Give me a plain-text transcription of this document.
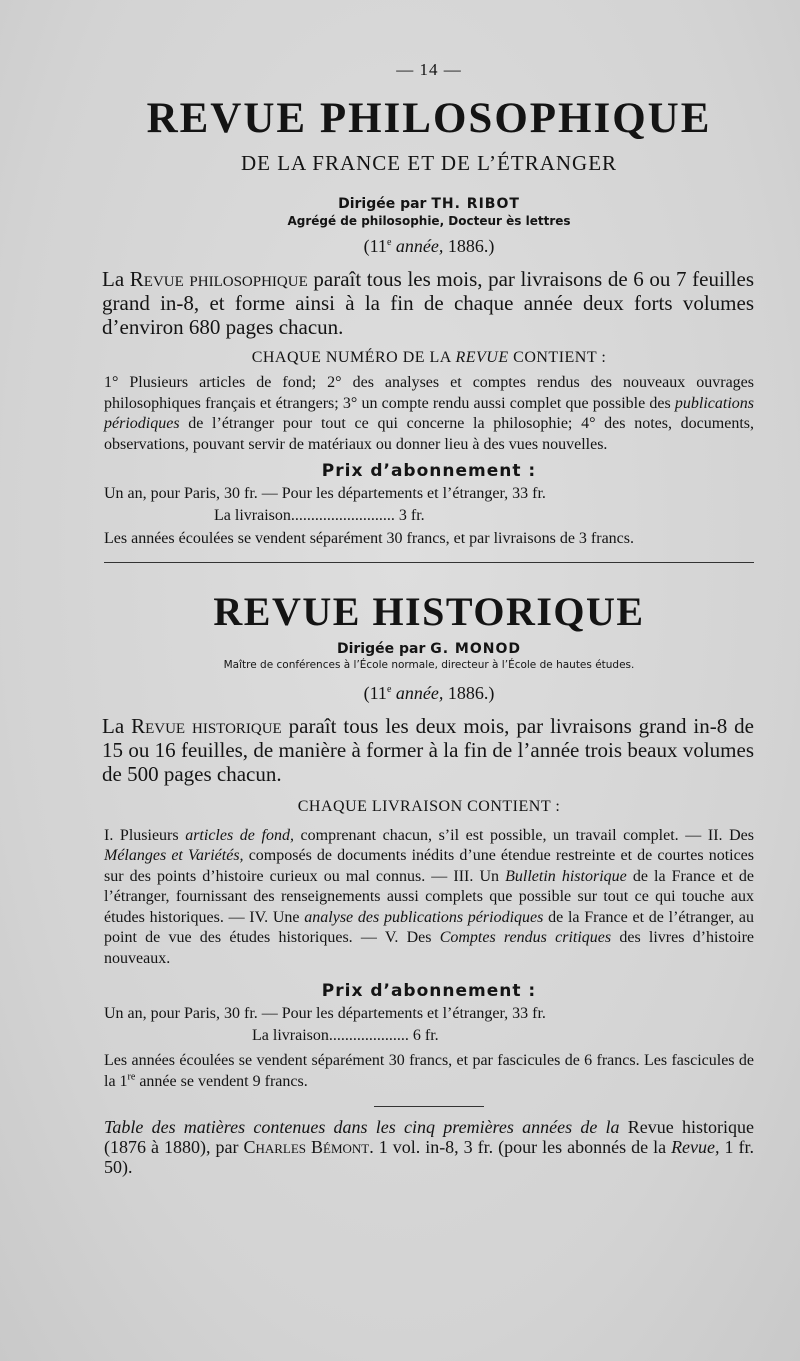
— 14 —
REVUE PHILOSOPHIQUE
DE LA FRANCE ET DE L’ÉTRANGER
Dirigée par TH. RIBOT
Agrégé de philosophie, Docteur ès lettres
(11e année, 1886.)

La Revue philosophique paraît tous les mois, par livraisons de 6 ou 7 feuilles grand in-8, et forme ainsi à la fin de chaque année deux forts volumes d’environ 680 pages chacun.

CHAQUE NUMÉRO DE LA REVUE CONTIENT :

1° Plusieurs articles de fond; 2° des analyses et comptes rendus des nouveaux ouvrages philosophiques français et étrangers; 3° un compte rendu aussi complet que possible des publications périodiques de l’étranger pour tout ce qui concerne la philosophie; 4° des notes, documents, observations, pouvant servir de matériaux ou donner lieu à des vues nouvelles.

Prix d’abonnement :
Un an, pour Paris, 30 fr. — Pour les départements et l’étranger, 33 fr.
La livraison.......................... 3 fr.

Les années écoulées se vendent séparément 30 francs, et par livraisons de 3 francs.

REVUE HISTORIQUE
Dirigée par G. MONOD
Maître de conférences à l’École normale, directeur à l’École de hautes études.
(11e année, 1886.)

La Revue historique paraît tous les deux mois, par livraisons grand in-8 de 15 ou 16 feuilles, de manière à former à la fin de l’année trois beaux volumes de 500 pages chacun.

CHAQUE LIVRAISON CONTIENT :

I. Plusieurs articles de fond, comprenant chacun, s’il est possible, un travail complet. — II. Des Mélanges et Variétés, composés de documents inédits d’une étendue restreinte et de courtes notices sur des points d’histoire curieux ou mal connus. — III. Un Bulletin historique de la France et de l’étranger, fournissant des renseignements aussi complets que possible sur tout ce qui touche aux études historiques. — IV. Une analyse des publications périodiques de la France et de l’étranger, au point de vue des études historiques. — V. Des Comptes rendus critiques des livres d’histoire nouveaux.

Prix d’abonnement :
Un an, pour Paris, 30 fr. — Pour les départements et l’étranger, 33 fr.
La livraison.................... 6 fr.

Les années écoulées se vendent séparément 30 francs, et par fascicules de 6 francs. Les fascicules de la 1re année se vendent 9 francs.

Table des matières contenues dans les cinq premières années de la Revue historique (1876 à 1880), par Charles Bémont. 1 vol. in-8, 3 fr. (pour les abonnés de la Revue, 1 fr. 50).
